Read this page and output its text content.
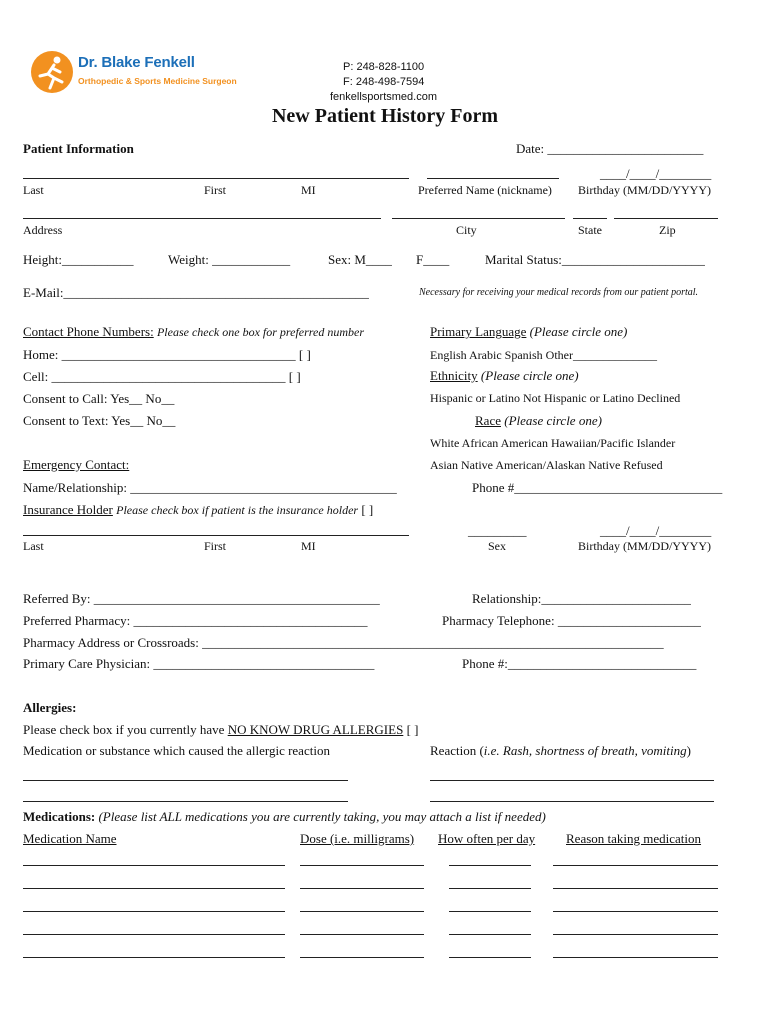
Dr. Blake Fenkell
Orthopedic & Sports Medicine Surgeon
P: 248-828-1100
F: 248-498-7594
fenkellsportsmed.com
New Patient History Form
Patient Information	Date: ________________________
____/____/________
Last	First	MI	Preferred Name (nickname) Birthday (MM/DD/YYYY)
Address	City	State	Zip
Height:___________	Weight: ____________	Sex: M____ F____	Marital Status:______________________
E-Mail:_______________________________________________	Necessary for receiving your medical records from our patient portal.
Contact Phone Numbers: Please check one box for preferred number
Home: ____________________________________ [ ]
Cell: ____________________________________ [ ]
Consent to Call: Yes__ No__
Consent to Text: Yes__ No__
Primary Language (Please circle one)
English Arabic Spanish Other______________
Ethnicity (Please circle one)
Hispanic or Latino Not Hispanic or Latino Declined
Race (Please circle one)
White African American Hawaiian/Pacific Islander
Asian Native American/Alaskan Native Refused
Emergency Contact:
Name/Relationship: _________________________________________	Phone #________________________________
Insurance Holder Please check box if patient is the insurance holder [ ]
_________	____/____/________
Last	First	MI	Sex	Birthday (MM/DD/YYYY)
Referred By: ____________________________________________	Relationship:_______________________
Preferred Pharmacy: ____________________________________	Pharmacy Telephone: ______________________
Pharmacy Address or Crossroads: _______________________________________________________________________
Primary Care Physician: __________________________________	Phone #:_____________________________
Allergies:
Please check box if you currently have NO KNOW DRUG ALLERGIES [ ]
Medication or substance which caused the allergic reaction	Reaction (i.e. Rash, shortness of breath, vomiting)
Medications: (Please list ALL medications you are currently taking, you may attach a list if needed)
Medication Name	Dose (i.e. milligrams) How often per day Reason taking medication
